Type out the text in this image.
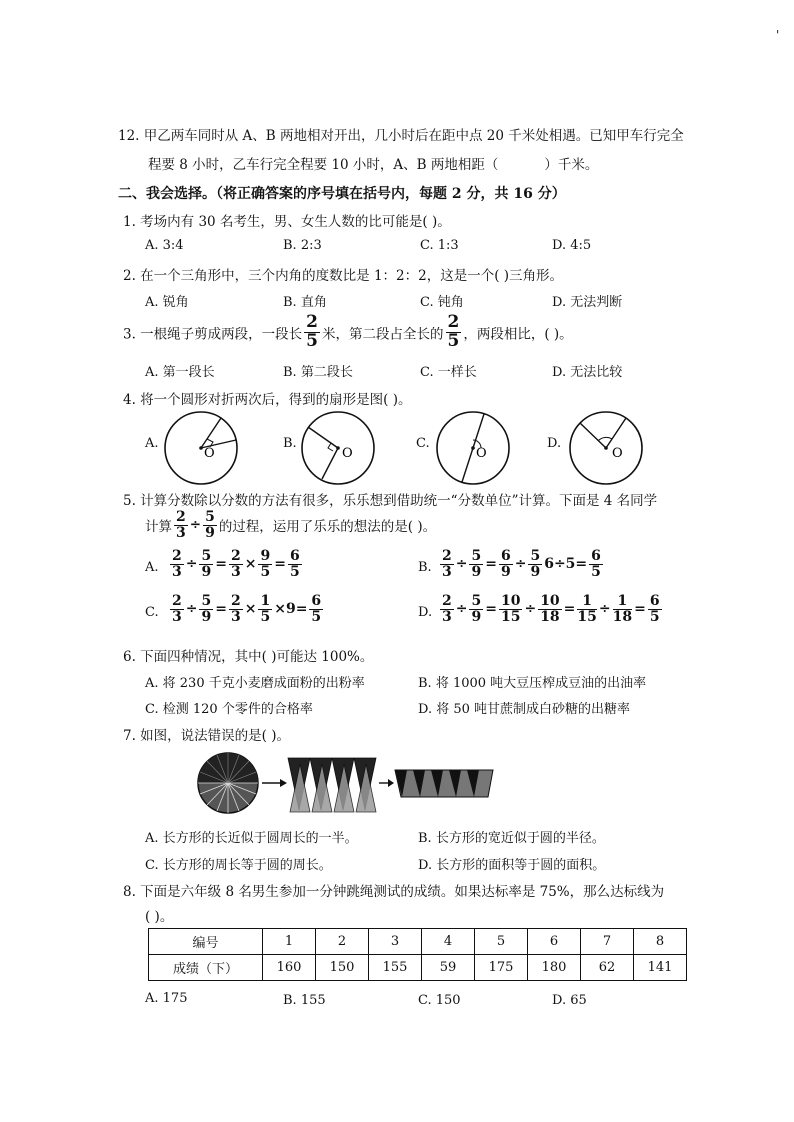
'
12. 甲乙两车同时从 A、B 两地相对开出，几小时后在距中点 20 千米处相遇。已知甲车行完全
程要 8 小时，乙车行完全程要 10 小时，A、B 两地相距（	）千米。
二、我会选择。（将正确答案的序号填在括号内，每题 2 分，共 16 分）
1. 考场内有 30 名考生，男、女生人数的比可能是( )。
A. 3:4	B. 2:3	C. 1:3	D. 4:5
2. 在一个三角形中，三个内角的度数比是 1：2：2，这是一个( )三角形。
A. 锐角	B. 直角	C. 钝角	D. 无法判断
3. 一根绳子剪成两段，一段长 $\frac{2}{5}$ 米，第二段占全长的 $\frac{2}{5}$ ，两段相比，( )。
A. 第一段长	B. 第二段长	C. 一样长	D. 无法比较
4. 将一个圆形对折两次后，得到的扇形是图( )。
A.
O
B.
O
C.
O
D.
O
5. 计算分数除以分数的方法有很多，乐乐想到借助统一“分数单位”计算。下面是 4 名同学
计算 $\frac{2}{3} \div \frac{5}{9}$ 的过程，运用了乐乐的想法的是( )。
A. $\frac{2}{3} \div \frac{5}{9} = \frac{2}{3} \times \frac{9}{5} = \frac{6}{5}$	B. $\frac{2}{3} \div \frac{5}{9} = \frac{6}{9} \div \frac{5}{9} 6\div 5= \frac{6}{5}$
C. $\frac{2}{3} \div \frac{5}{9} = \frac{2}{3} \times \frac{1}{5} \times 9= \frac{6}{5}$	D. $\frac{2}{3} \div \frac{5}{9} = \frac{10}{15} \div \frac{10}{18} = \frac{1}{15} \div \frac{1}{18} = \frac{6}{5}$
6. 下面四种情况，其中( )可能达 100%。
A. 将 230 千克小麦磨成面粉的出粉率	B. 将 1000 吨大豆压榨成豆油的出油率
C. 检测 120 个零件的合格率	D. 将 50 吨甘蔗制成白砂糖的出糖率
7. 如图，说法错误的是( )。
A. 长方形的长近似于圆周长的一半。	B. 长方形的宽近似于圆的半径。
C. 长方形的周长等于圆的周长。	D. 长方形的面积等于圆的面积。
8. 下面是六年级 8 名男生参加一分钟跳绳测试的成绩。如果达标率是 75%，那么达标线为
( )。
编号	1	2	3	4	5	6	7	8
成绩（下）	160	150	155	59	175	180	62	141
A. 175	B. 155	C. 150	D. 65
